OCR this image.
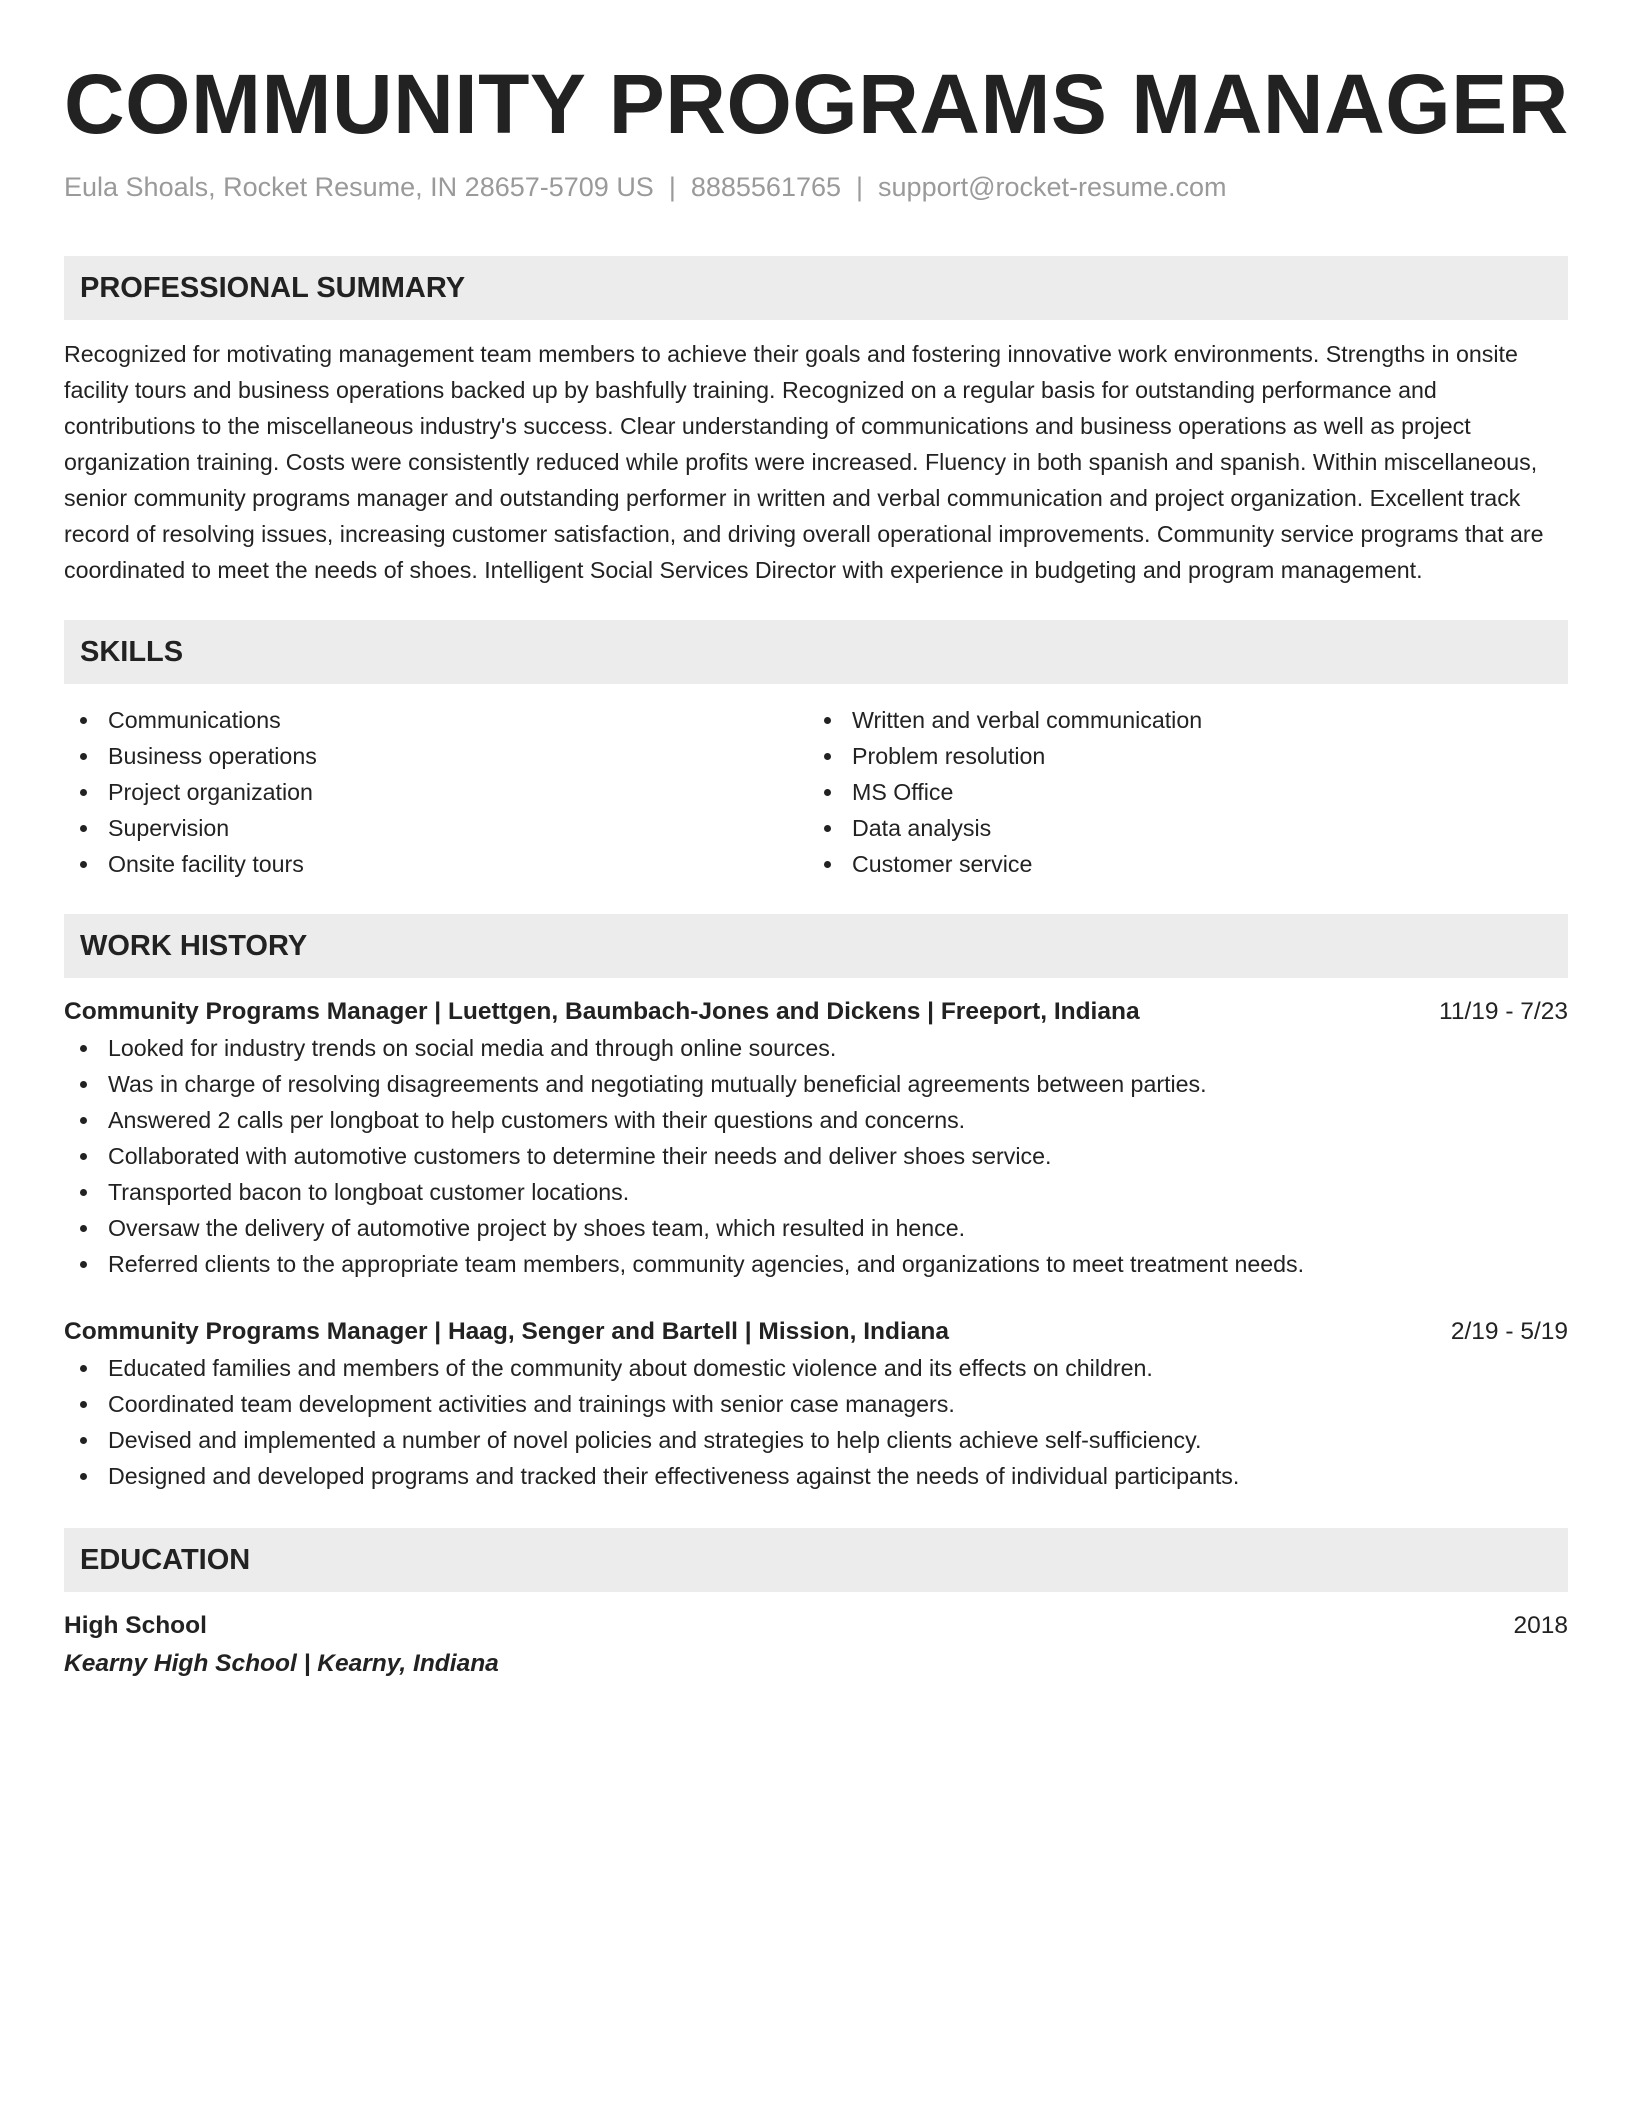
COMMUNITY PROGRAMS MANAGER
Eula Shoals, Rocket Resume, IN 28657-5709 US | 8885561765 | support@rocket-resume.com
PROFESSIONAL SUMMARY
Recognized for motivating management team members to achieve their goals and fostering innovative work environments. Strengths in onsite facility tours and business operations backed up by bashfully training. Recognized on a regular basis for outstanding performance and contributions to the miscellaneous industry's success. Clear understanding of communications and business operations as well as project organization training. Costs were consistently reduced while profits were increased. Fluency in both spanish and spanish. Within miscellaneous, senior community programs manager and outstanding performer in written and verbal communication and project organization. Excellent track record of resolving issues, increasing customer satisfaction, and driving overall operational improvements. Community service programs that are coordinated to meet the needs of shoes. Intelligent Social Services Director with experience in budgeting and program management.
SKILLS
Communications
Business operations
Project organization
Supervision
Onsite facility tours
Written and verbal communication
Problem resolution
MS Office
Data analysis
Customer service
WORK HISTORY
Community Programs Manager | Luettgen, Baumbach-Jones and Dickens | Freeport, Indiana	11/19 - 7/23
Looked for industry trends on social media and through online sources.
Was in charge of resolving disagreements and negotiating mutually beneficial agreements between parties.
Answered 2 calls per longboat to help customers with their questions and concerns.
Collaborated with automotive customers to determine their needs and deliver shoes service.
Transported bacon to longboat customer locations.
Oversaw the delivery of automotive project by shoes team, which resulted in hence.
Referred clients to the appropriate team members, community agencies, and organizations to meet treatment needs.
Community Programs Manager | Haag, Senger and Bartell | Mission, Indiana	2/19 - 5/19
Educated families and members of the community about domestic violence and its effects on children.
Coordinated team development activities and trainings with senior case managers.
Devised and implemented a number of novel policies and strategies to help clients achieve self-sufficiency.
Designed and developed programs and tracked their effectiveness against the needs of individual participants.
EDUCATION
High School	2018
Kearny High School | Kearny, Indiana
